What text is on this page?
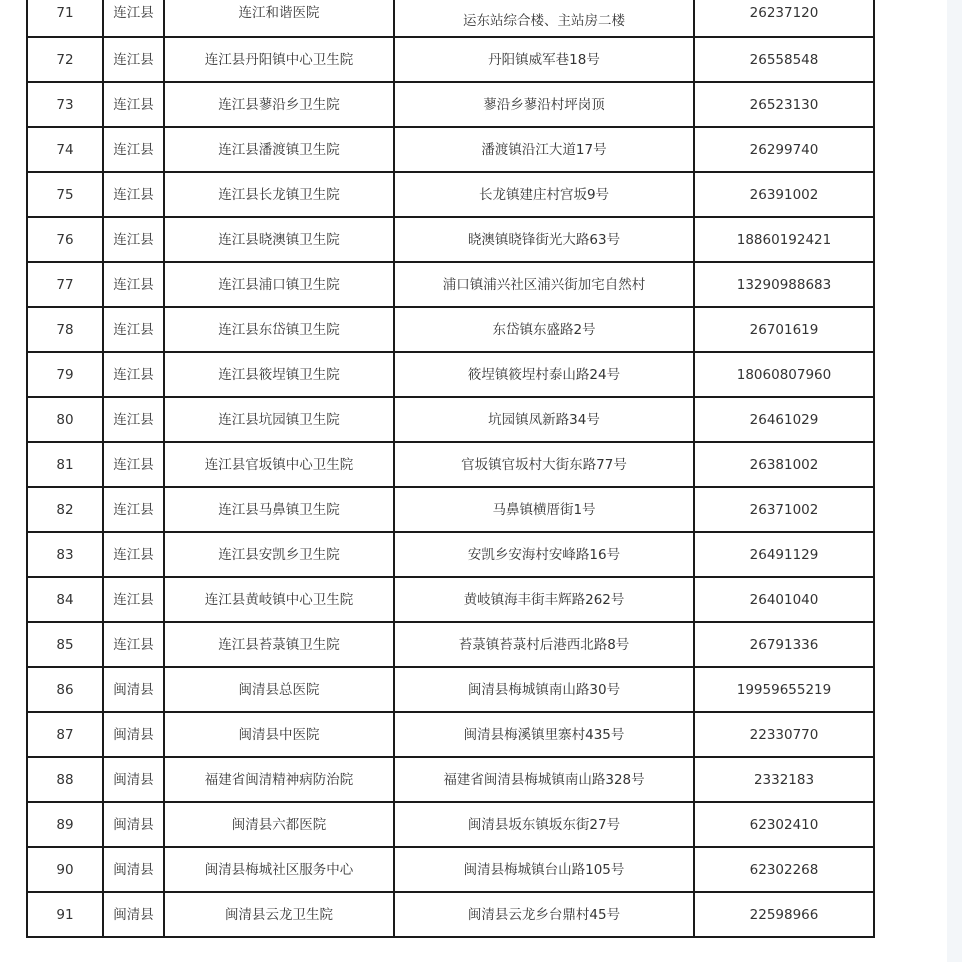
71	连江县	连江和谐医院	运东站综合楼、主站房二楼	26237120

72	连江县	连江县丹阳镇中心卫生院	丹阳镇威军巷18号	26558548
73	连江县	连江县蓼沿乡卫生院	蓼沿乡蓼沿村坪岗顶	26523130
74	连江县	连江县潘渡镇卫生院	潘渡镇沿江大道17号	26299740
75	连江县	连江县长龙镇卫生院	长龙镇建庄村宫坂9号	26391002
76	连江县	连江县晓澳镇卫生院	晓澳镇晓锋街光大路63号	18860192421
77	连江县	连江县浦口镇卫生院	浦口镇浦兴社区浦兴街加宅自然村	13290988683
78	连江县	连江县东岱镇卫生院	东岱镇东盛路2号	26701619
79	连江县	连江县筱埕镇卫生院	筱埕镇筱埕村泰山路24号	18060807960
80	连江县	连江县坑园镇卫生院	坑园镇凤新路34号	26461029
81	连江县	连江县官坂镇中心卫生院	官坂镇官坂村大街东路77号	26381002
82	连江县	连江县马鼻镇卫生院	马鼻镇横厝街1号	26371002
83	连江县	连江县安凯乡卫生院	安凯乡安海村安峰路16号	26491129
84	连江县	连江县黄岐镇中心卫生院	黄岐镇海丰街丰辉路262号	26401040
85	连江县	连江县苔菉镇卫生院	苔菉镇苔菉村后港西北路8号	26791336
86	闽清县	闽清县总医院	闽清县梅城镇南山路30号	19959655219
87	闽清县	闽清县中医院	闽清县梅溪镇里寨村435号	22330770
88	闽清县	福建省闽清精神病防治院	福建省闽清县梅城镇南山路328号	2332183
89	闽清县	闽清县六都医院	闽清县坂东镇坂东街27号	62302410
90	闽清县	闽清县梅城社区服务中心	闽清县梅城镇台山路105号	62302268
91	闽清县	闽清县云龙卫生院	闽清县云龙乡台鼎村45号	22598966
